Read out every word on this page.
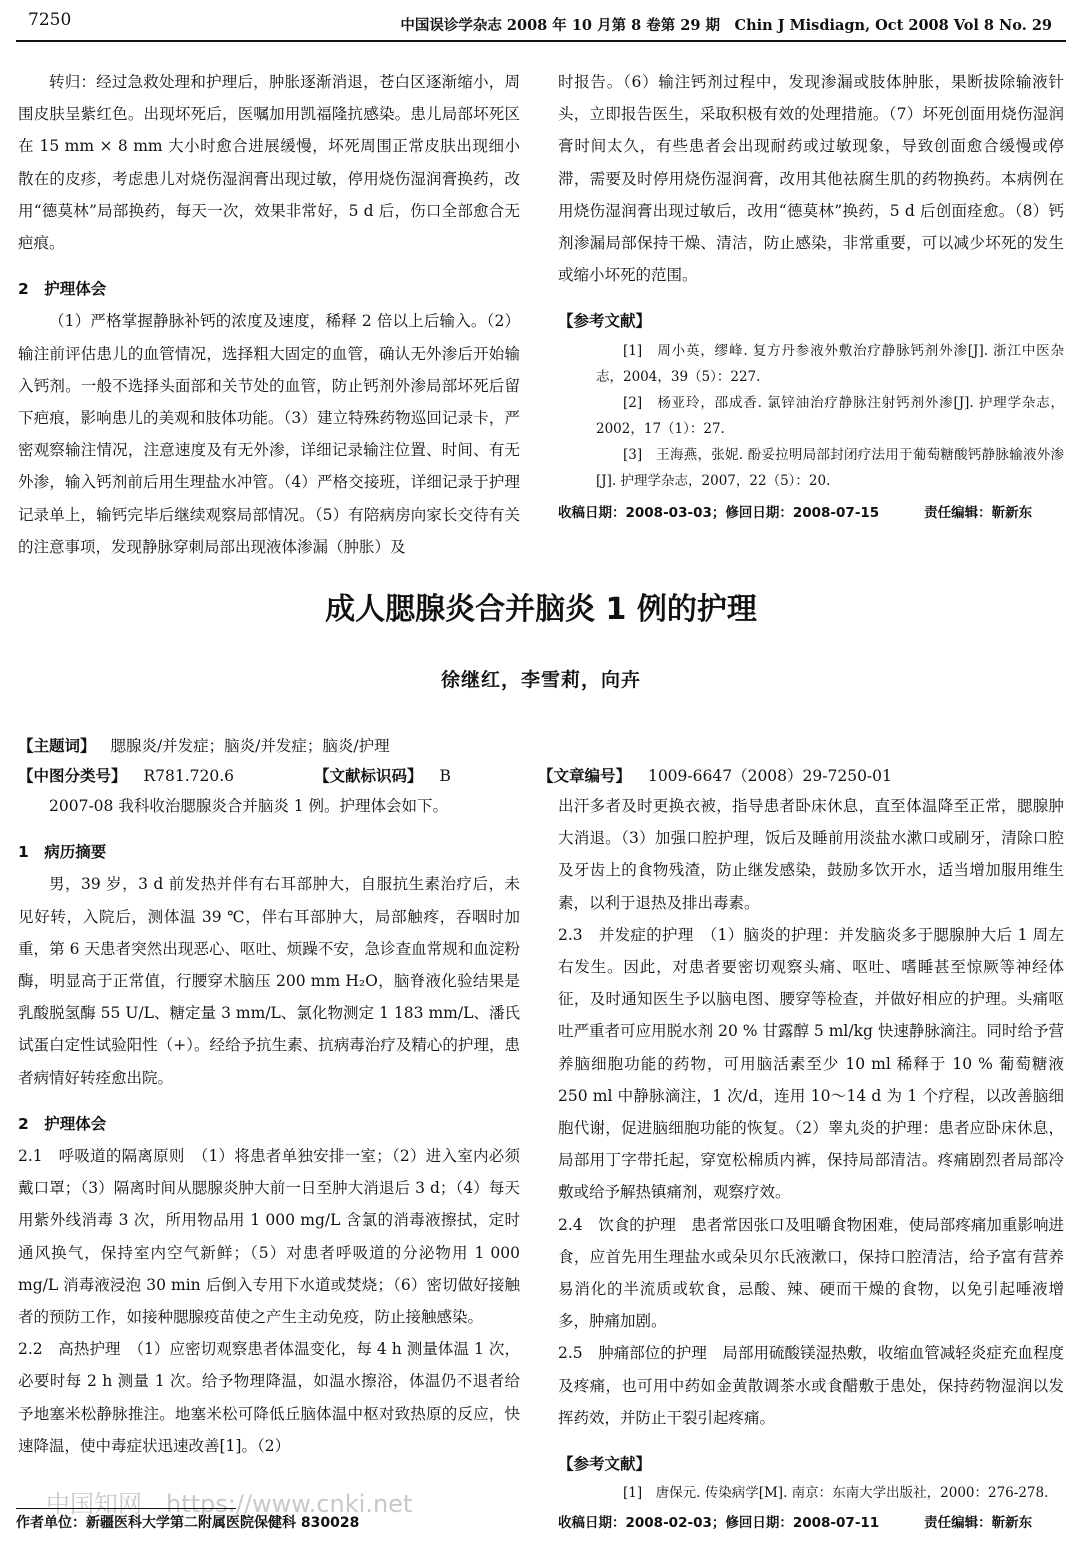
7250	中国误诊学杂志 2008 年 10 月第 8 卷第 29 期　Chin J Misdiagn, Oct 2008 Vol 8 No. 29

转归：经过急救处理和护理后，肿胀逐渐消退，苍白区逐渐缩小，周围皮肤呈紫红色。出现坏死后，医嘱加用凯福隆抗感染。患儿局部坏死区在 15 mm × 8 mm 大小时愈合进展缓慢，坏死周围正常皮肤出现细小散在的皮疹，考虑患儿对烧伤湿润膏出现过敏，停用烧伤湿润膏换药，改用“德莫林”局部换药，每天一次，效果非常好，5 d 后，伤口全部愈合无疤痕。

2　护理体会

（1）严格掌握静脉补钙的浓度及速度，稀释 2 倍以上后输入。（2）输注前评估患儿的血管情况，选择粗大固定的血管，确认无外渗后开始输入钙剂。一般不选择头面部和关节处的血管，防止钙剂外渗局部坏死后留下疤痕，影响患儿的美观和肢体功能。（3）建立特殊药物巡回记录卡，严密观察输注情况，注意速度及有无外渗，详细记录输注位置、时间、有无外渗，输入钙剂前后用生理盐水冲管。（4）严格交接班，详细记录于护理记录单上，输钙完毕后继续观察局部情况。（5）有陪病房向家长交待有关的注意事项，发现静脉穿刺局部出现液体渗漏（肿胀）及

时报告。（6）输注钙剂过程中，发现渗漏或肢体肿胀，果断拔除输液针头，立即报告医生，采取积极有效的处理措施。（7）坏死创面用烧伤湿润膏时间太久，有些患者会出现耐药或过敏现象，导致创面愈合缓慢或停滞，需要及时停用烧伤湿润膏，改用其他祛腐生肌的药物换药。本病例在用烧伤湿润膏出现过敏后，改用“德莫林”换药，5 d 后创面痊愈。（8）钙剂渗漏局部保持干燥、清洁，防止感染，非常重要，可以减少坏死的发生或缩小坏死的范围。

【参考文献】

[1]　 周小英，缪峰. 复方丹参液外敷治疗静脉钙剂外渗[J]. 浙江中医杂志，2004，39（5）：227.

[2]　 杨亚玲，邵成香. 氯锌油治疗静脉注射钙剂外渗[J]. 护理学杂志，2002，17（1）：27.

[3]　 王海燕，张妮. 酚妥拉明局部封闭疗法用于葡萄糖酸钙静脉输液外渗[J]. 护理学杂志，2007，22（5）：20.

收稿日期：2008-03-03；修回日期：2008-07-15	责任编辑：靳新东
成人腮腺炎合并脑炎 1 例的护理
徐继红，李雪莉，向卉
【主题词】 腮腺炎/并发症；脑炎/并发症；脑炎/护理
【中图分类号】 R781.720.6	【文献标识码】 B	【文章编号】 1009-6647（2008）29-7250-01

2007-08 我科收治腮腺炎合并脑炎 1 例。护理体会如下。

1　病历摘要

男，39 岁，3 d 前发热并伴有右耳部肿大，自服抗生素治疗后，未见好转，入院后，测体温 39 ℃，伴右耳部肿大，局部触疼，吞咽时加重，第 6 天患者突然出现恶心、呕吐、烦躁不安，急诊查血常规和血淀粉酶，明显高于正常值，行腰穿术脑压 200 mm H₂O，脑脊液化验结果是乳酸脱氢酶 55 U/L、糖定量 3 mm/L、氯化物测定 1 183 mm/L、潘氏试蛋白定性试验阳性（+）。经给予抗生素、抗病毒治疗及精心的护理，患者病情好转痊愈出院。

2　护理体会

2.1　呼吸道的隔离原则　（1）将患者单独安排一室；（2）进入室内必须戴口罩；（3）隔离时间从腮腺炎肿大前一日至肿大消退后 3 d；（4）每天用紫外线消毒 3 次，所用物品用 1 000 mg/L 含氯的消毒液擦拭，定时通风换气，保持室内空气新鲜；（5）对患者呼吸道的分泌物用 1 000 mg/L 消毒液浸泡 30 min 后倒入专用下水道或焚烧；（6）密切做好接触者的预防工作，如接种腮腺疫苗使之产生主动免疫，防止接触感染。

2.2　高热护理　（1）应密切观察患者体温变化，每 4 h 测量体温 1 次，必要时每 2 h 测量 1 次。给予物理降温，如温水擦浴，体温仍不退者给予地塞米松静脉推注。地塞米松可降低丘脑体温中枢对致热原的反应，快速降温，使中毒症状迅速改善[1]。（2）

出汗多者及时更换衣被，指导患者卧床休息，直至体温降至正常，腮腺肿大消退。（3）加强口腔护理，饭后及睡前用淡盐水漱口或刷牙，清除口腔及牙齿上的食物残渣，防止继发感染，鼓励多饮开水，适当增加服用维生素，以利于退热及排出毒素。

2.3　并发症的护理　（1）脑炎的护理：并发脑炎多于腮腺肿大后 1 周左右发生。因此，对患者要密切观察头痛、呕吐、嗜睡甚至惊厥等神经体征，及时通知医生予以脑电图、腰穿等检查，并做好相应的护理。头痛呕吐严重者可应用脱水剂 20 % 甘露醇 5 ml/kg 快速静脉滴注。同时给予营养脑细胞功能的药物，可用脑活素至少 10 ml 稀释于 10 % 葡萄糖液 250 ml 中静脉滴注，1 次/d，连用 10～14 d 为 1 个疗程，以改善脑细胞代谢，促进脑细胞功能的恢复。（2）睾丸炎的护理：患者应卧床休息，局部用丁字带托起，穿宽松棉质内裤，保持局部清洁。疼痛剧烈者局部冷敷或给予解热镇痛剂，观察疗效。

2.4　饮食的护理　患者常因张口及咀嚼食物困难，使局部疼痛加重影响进食，应首先用生理盐水或朵贝尔氏液漱口，保持口腔清洁，给予富有营养易消化的半流质或软食，忌酸、辣、硬而干燥的食物，以免引起唾液增多，肿痛加剧。

2.5　肿痛部位的护理　局部用硫酸镁湿热敷，收缩血管减轻炎症充血程度及疼痛，也可用中药如金黄散调茶水或食醋敷于患处，保持药物湿润以发挥药效，并防止干裂引起疼痛。

【参考文献】

[1]　 唐保元. 传染病学[M]. 南京：东南大学出版社，2000：276-278.

收稿日期：2008-02-03；修回日期：2008-07-11	责任编辑：靳新东
中国知网　https://www.cnki.net
作者单位：新疆医科大学第二附属医院保健科 830028
